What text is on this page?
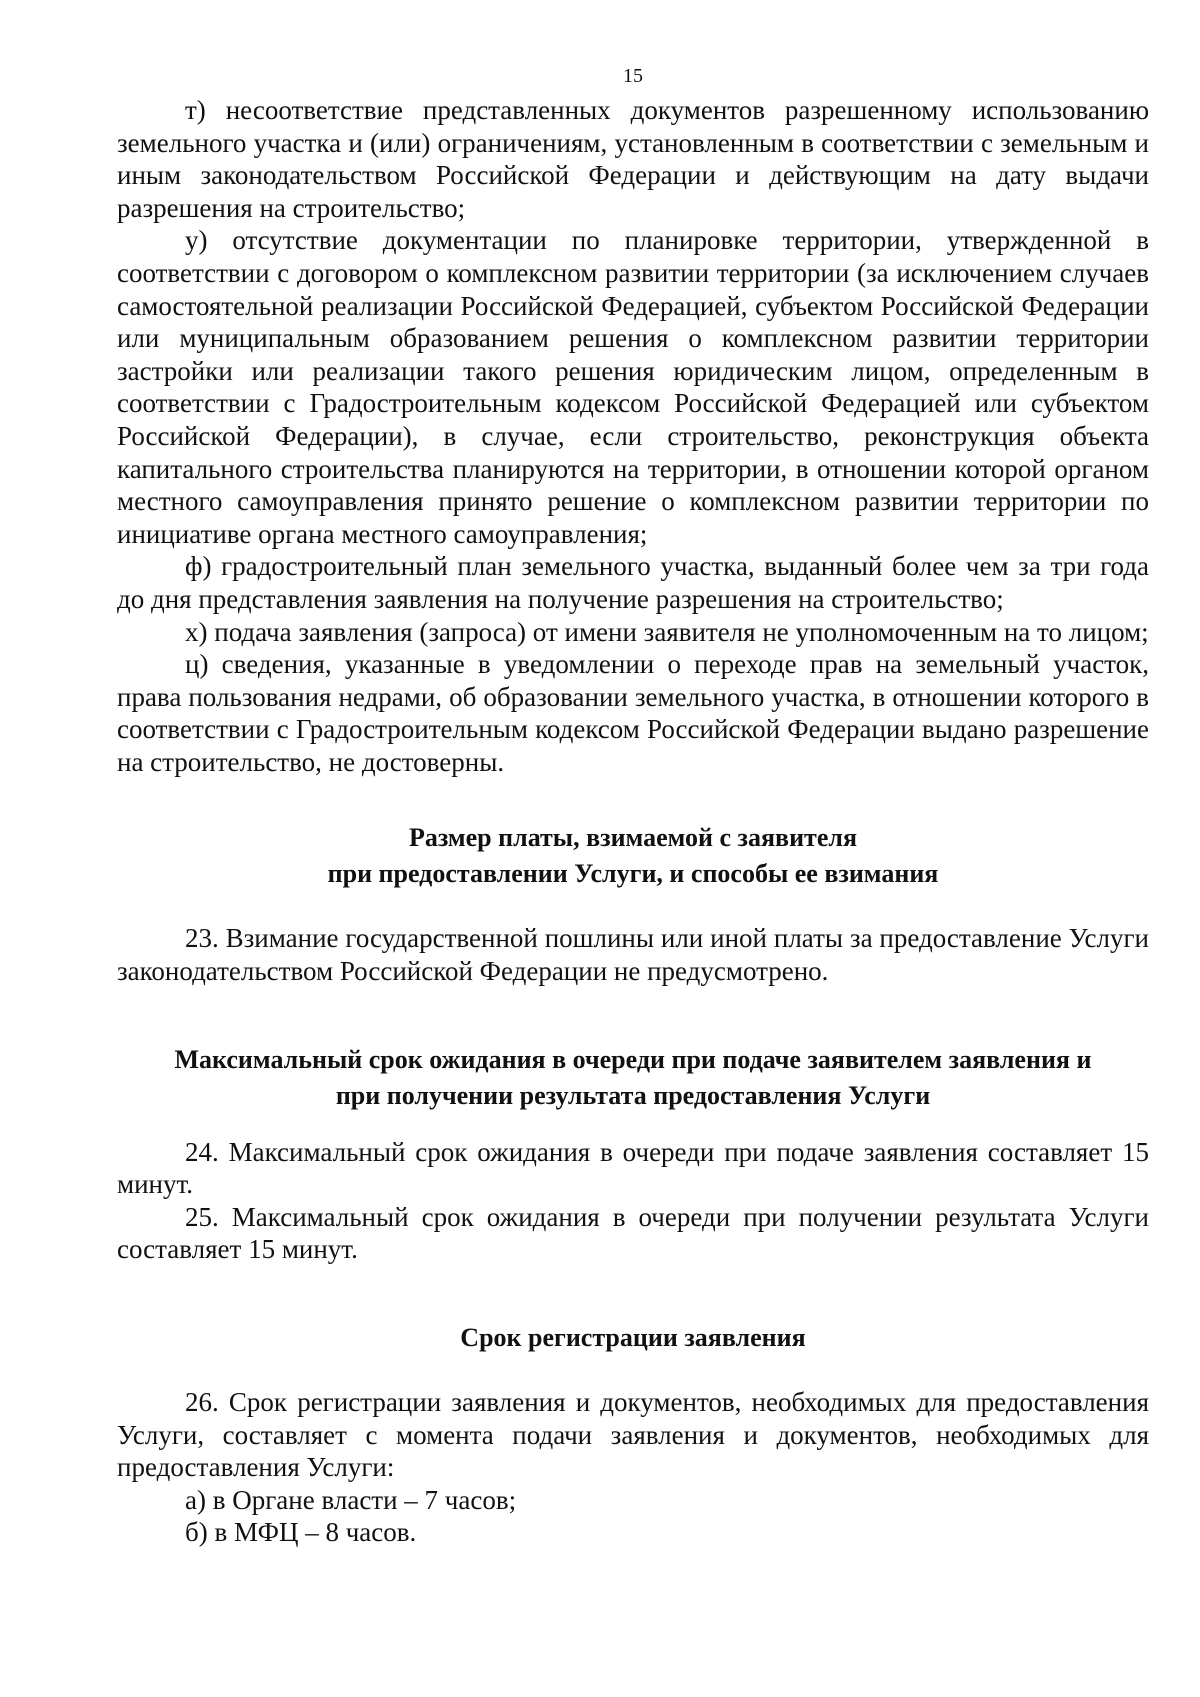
15

т) несоответствие представленных документов разрешенному использованию земельного участка и (или) ограничениям, установленным в соответствии с земельным и иным законодательством Российской Федерации и действующим на дату выдачи разрешения на строительство;

у) отсутствие документации по планировке территории, утвержденной в соответствии с договором о комплексном развитии территории (за исключением случаев самостоятельной реализации Российской Федерацией, субъектом Российской Федерации или муниципальным образованием решения о комплексном развитии территории застройки или реализации такого решения юридическим лицом, определенным в соответствии с Градостроительным кодексом Российской Федерацией или субъектом Российской Федерации), в случае, если строительство, реконструкция объекта капитального строительства планируются на территории, в отношении которой органом местного самоуправления принято решение о комплексном развитии территории по инициативе органа местного самоуправления;

ф) градостроительный план земельного участка, выданный более чем за три года до дня представления заявления на получение разрешения на строительство;

х) подача заявления (запроса) от имени заявителя не уполномоченным на то лицом;

ц) сведения, указанные в уведомлении о переходе прав на земельный участок, права пользования недрами, об образовании земельного участка, в отношении которого в соответствии с Градостроительным кодексом Российской Федерации выдано разрешение на строительство, не достоверны.

Размер платы, взимаемой с заявителя
при предоставлении Услуги, и способы ее взимания

23. Взимание государственной пошлины или иной платы за предоставление Услуги законодательством Российской Федерации не предусмотрено.

Максимальный срок ожидания в очереди при подаче заявителем заявления и
при получении результата предоставления Услуги

24. Максимальный срок ожидания в очереди при подаче заявления составляет 15 минут.

25. Максимальный срок ожидания в очереди при получении результата Услуги составляет 15 минут.

Срок регистрации заявления

26. Срок регистрации заявления и документов, необходимых для предоставления Услуги, составляет с момента подачи заявления и документов, необходимых для предоставления Услуги:

а) в Органе власти – 7 часов;

б) в МФЦ – 8 часов.
